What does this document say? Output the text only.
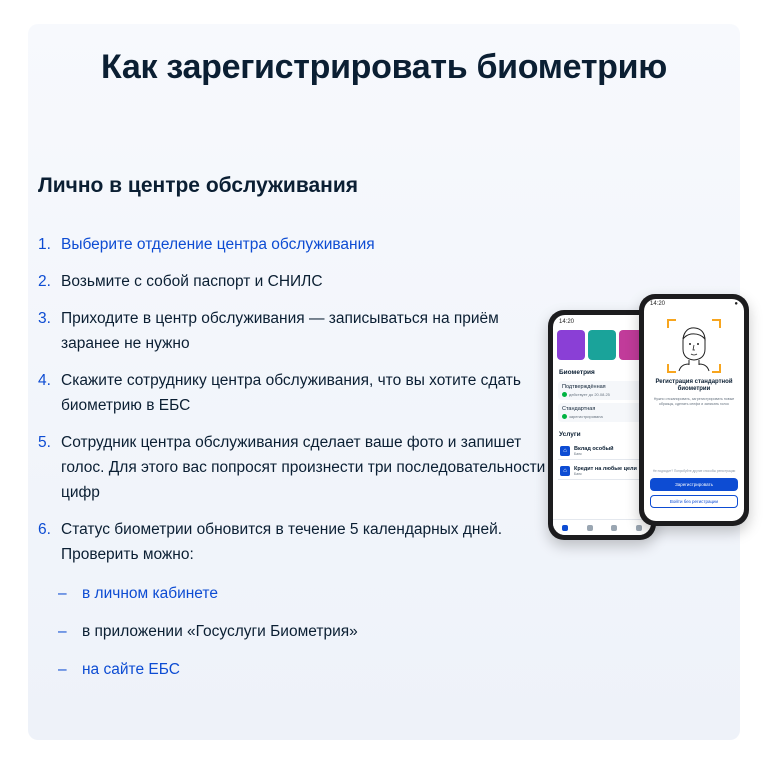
Как зарегистрировать биометрию
Лично в центре обслуживания
1. Выберите отделение центра обслуживания
2. Возьмите с собой паспорт и СНИЛС
3. Приходите в центр обслуживания — записываться на приём заранее не нужно
4. Скажите сотруднику центра обслуживания, что вы хотите сдать биометрию в ЕБС
5. Сотрудник центра обслуживания сделает ваше фото и запишет голос. Для этого вас попросят произнести три последовательности цифр
6. Статус биометрии обновится в течение 5 календарных дней. Проверить можно:
– в личном кабинете
– в приложении «Госуслуги Биометрия»
– на сайте ЕБС
14:20
Биометрия
Подтверждённая
действует до 20.08.25
Стандартная
зарегистрирована
Услуги
⌂	Вклад особый
Банк
⌂	Кредит на любые цели
Банк
14:20	●
Регистрация стандартной биометрии
Нужно отсканировать, загрегистрировать новые образцы, сделать селфи и записать голос
Не подходит? Попробуйте другие способы регистрации
Зарегистрировать
Войти без регистрации
